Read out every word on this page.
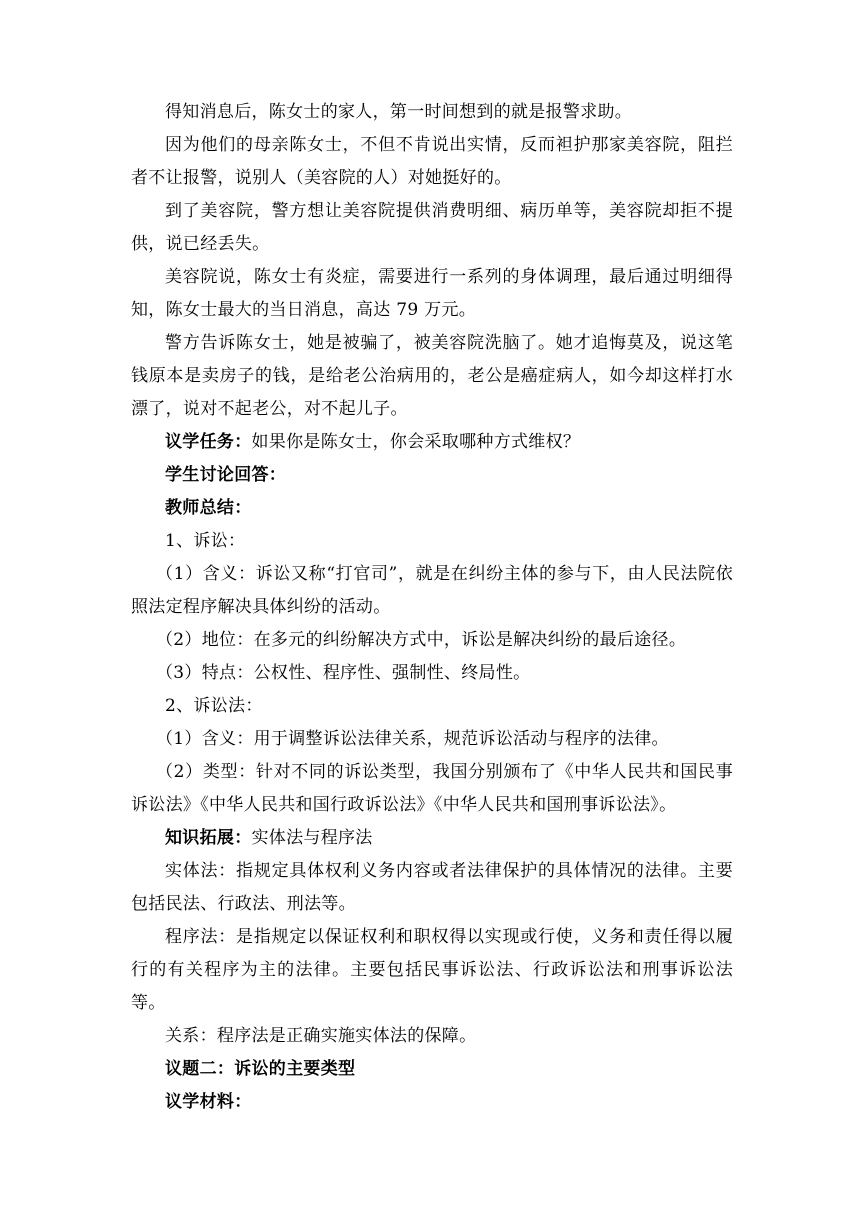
得知消息后，陈女士的家人，第一时间想到的就是报警求助。

因为他们的母亲陈女士，不但不肯说出实情，反而袒护那家美容院，阻拦者不让报警，说别人（美容院的人）对她挺好的。

到了美容院，警方想让美容院提供消费明细、病历单等，美容院却拒不提供，说已经丢失。

美容院说，陈女士有炎症，需要进行一系列的身体调理，最后通过明细得知，陈女士最大的当日消息，高达 79 万元。

警方告诉陈女士，她是被骗了，被美容院洗脑了。她才追悔莫及，说这笔钱原本是卖房子的钱，是给老公治病用的，老公是癌症病人，如今却这样打水漂了，说对不起老公，对不起儿子。

议学任务：如果你是陈女士，你会采取哪种方式维权？

学生讨论回答：

教师总结：

1、诉讼：

（1）含义：诉讼又称“打官司”，就是在纠纷主体的参与下，由人民法院依照法定程序解决具体纠纷的活动。

（2）地位：在多元的纠纷解决方式中，诉讼是解决纠纷的最后途径。

（3）特点：公权性、程序性、强制性、终局性。

2、诉讼法：

（1）含义：用于调整诉讼法律关系，规范诉讼活动与程序的法律。

（2）类型：针对不同的诉讼类型，我国分别颁布了《中华人民共和国民事诉讼法》《中华人民共和国行政诉讼法》《中华人民共和国刑事诉讼法》。

知识拓展：实体法与程序法

实体法：指规定具体权利义务内容或者法律保护的具体情况的法律。主要包括民法、行政法、刑法等。

程序法：是指规定以保证权利和职权得以实现或行使，义务和责任得以履行的有关程序为主的法律。主要包括民事诉讼法、行政诉讼法和刑事诉讼法等。

关系：程序法是正确实施实体法的保障。

议题二：诉讼的主要类型

议学材料：
